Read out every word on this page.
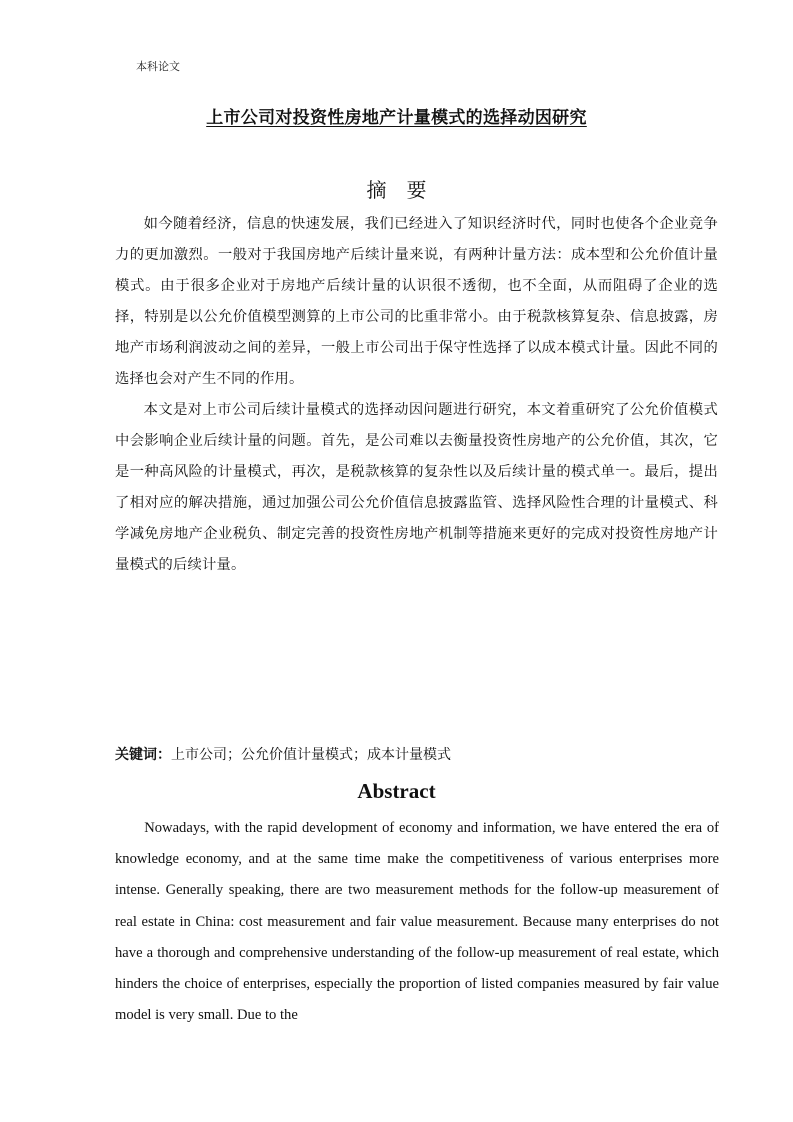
本科论文
上市公司对投资性房地产计量模式的选择动因研究
摘　要

如今随着经济，信息的快速发展，我们已经进入了知识经济时代，同时也使各个企业竞争力的更加激烈。一般对于我国房地产后续计量来说，有两种计量方法：成本型和公允价值计量模式。由于很多企业对于房地产后续计量的认识很不透彻，也不全面，从而阻碍了企业的选择，特别是以公允价值模型测算的上市公司的比重非常小。由于税款核算复杂、信息披露，房地产市场利润波动之间的差异，一般上市公司出于保守性选择了以成本模式计量。因此不同的选择也会对产生不同的作用。

本文是对上市公司后续计量模式的选择动因问题进行研究，本文着重研究了公允价值模式中会影响企业后续计量的问题。首先，是公司难以去衡量投资性房地产的公允价值，其次，它是一种高风险的计量模式，再次，是税款核算的复杂性以及后续计量的模式单一。最后，提出了相对应的解决措施，通过加强公司公允价值信息披露监管、选择风险性合理的计量模式、科学减免房地产企业税负、制定完善的投资性房地产机制等措施来更好的完成对投资性房地产计量模式的后续计量。

关键词：上市公司；公允价值计量模式；成本计量模式
Abstract

Nowadays, with the rapid development of economy and information, we have entered the era of knowledge economy, and at the same time make the competitiveness of various enterprises more intense. Generally speaking, there are two measurement methods for the follow-up measurement of real estate in China: cost measurement and fair value measurement. Because many enterprises do not have a thorough and comprehensive understanding of the follow-up measurement of real estate, which hinders the choice of enterprises, especially the proportion of listed companies measured by fair value model is very small. Due to the
